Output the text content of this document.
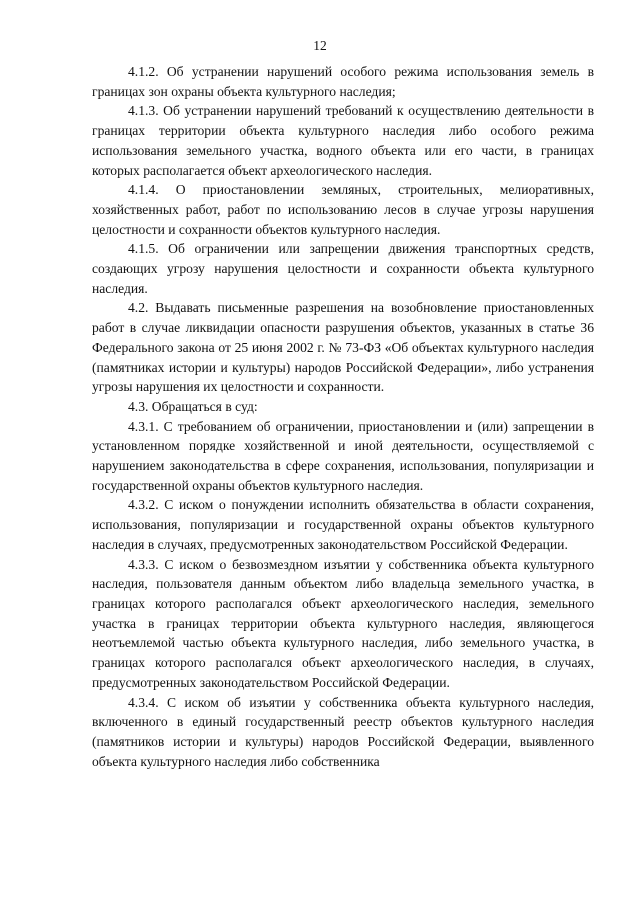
12

4.1.2. Об устранении нарушений особого режима использования земель в границах зон охраны объекта культурного наследия;

4.1.3. Об устранении нарушений требований к осуществлению деятельности в границах территории объекта культурного наследия либо особого режима использования земельного участка, водного объекта или его части, в границах которых располагается объект археологического наследия.

4.1.4. О приостановлении земляных, строительных, мелиоративных, хозяйственных работ, работ по использованию лесов в случае угрозы нарушения целостности и сохранности объектов культурного наследия.

4.1.5. Об ограничении или запрещении движения транспортных средств, создающих угрозу нарушения целостности и сохранности объекта культурного наследия.

4.2. Выдавать письменные разрешения на возобновление приостановленных работ в случае ликвидации опасности разрушения объектов, указанных в статье 36 Федерального закона от 25 июня 2002 г. № 73-ФЗ «Об объектах культурного наследия (памятниках истории и культуры) народов Российской Федерации», либо устранения угрозы нарушения их целостности и сохранности.

4.3. Обращаться в суд:

4.3.1. С требованием об ограничении, приостановлении и (или) запрещении в установленном порядке хозяйственной и иной деятельности, осуществляемой с нарушением законодательства в сфере сохранения, использования, популяризации и государственной охраны объектов культурного наследия.

4.3.2. С иском о понуждении исполнить обязательства в области сохранения, использования, популяризации и государственной охраны объектов культурного наследия в случаях, предусмотренных законодательством Российской Федерации.

4.3.3. С иском о безвозмездном изъятии у собственника объекта культурного наследия, пользователя данным объектом либо владельца земельного участка, в границах которого располагался объект археологического наследия, земельного участка в границах территории объекта культурного наследия, являющегося неотъемлемой частью объекта культурного наследия, либо земельного участка, в границах которого располагался объект археологического наследия, в случаях, предусмотренных законодательством Российской Федерации.

4.3.4. С иском об изъятии у собственника объекта культурного наследия, включенного в единый государственный реестр объектов культурного наследия (памятников истории и культуры) народов Российской Федерации, выявленного объекта культурного наследия либо собственника
